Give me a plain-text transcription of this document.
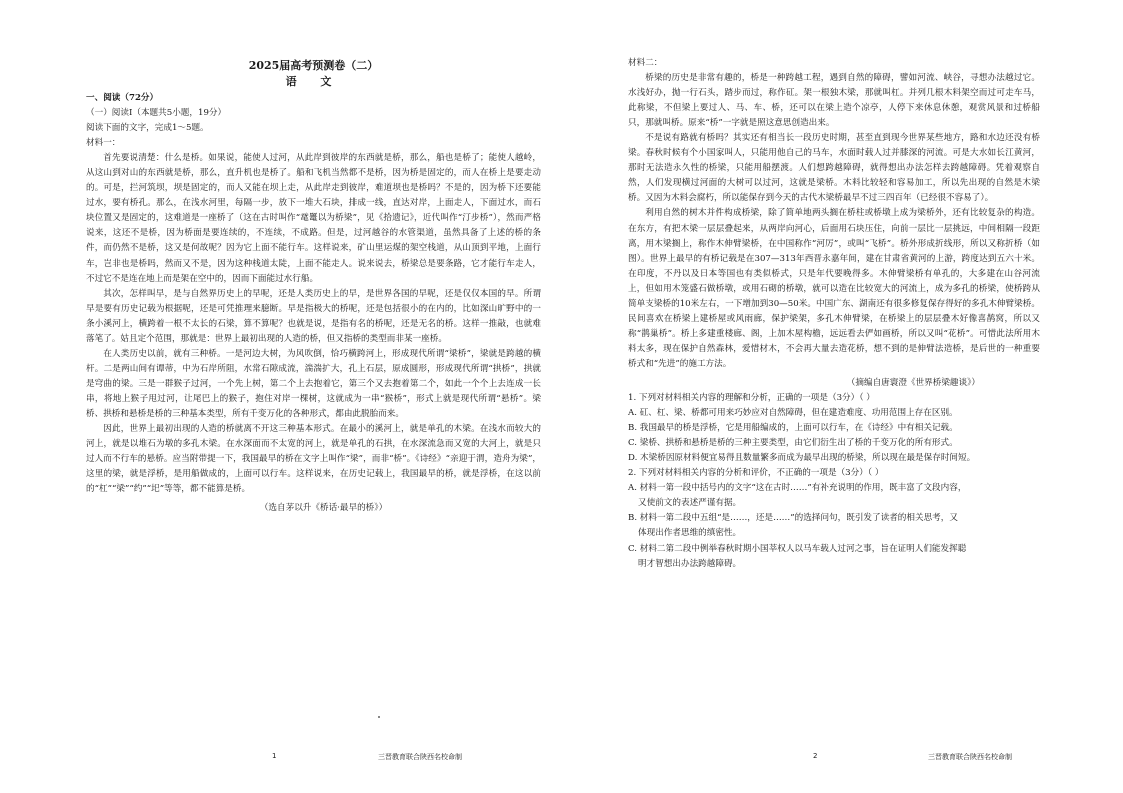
2025届高考预测卷（二）

语 文

一、阅读（72分）

（一）阅读Ⅰ（本题共5小题，19分）

阅读下面的文字，完成1～5题。

材料一：

首先要说清楚：什么是桥。如果说，能使人过河，从此岸到彼岸的东西就是桥，那么，船也是桥了；能使人越岭，从这山到对山的东西就是桥，那么，直升机也是桥了。船和飞机当然都不是桥，因为桥是固定的，而人在桥上是要走动的。可是，拦河筑坝，坝是固定的，而人又能在坝上走，从此岸走到彼岸，难道坝也是桥吗？不是的，因为桥下还要能过水，要有桥孔。那么，在浅水河里，每隔一步，放下一堆大石块，排成一线，直达对岸，上面走人，下面过水，而石块位置又是固定的，这难道是一座桥了（这在古时叫作“鼋鼍以为桥梁”，见《拾遗记》，近代叫作“汀步桥”），然而严格说来，这还不是桥，因为桥面是要连续的，不连续，不成路。但是，过河越谷的水管渠道，虽然具备了上述的桥的条件，而仍然不是桥，这又是何故呢？因为它上面不能行车。这样说来，矿山里运煤的架空栈道，从山顶到平地，上面行车，岂非也是桥吗，然而又不是，因为这种栈道太陡，上面不能走人。说来说去，桥梁总是要条路，它才能行车走人，不过它不是连在地上而是架在空中的，因而下面能过水行船。

其次，怎样叫早，是与自然界历史上的早呢，还是人类历史上的早，是世界各国的早呢，还是仅仅本国的早。所谓早是要有历史记载为根据呢，还是可凭推理来臆断。早是指极大的桥呢，还是包括很小的在内的，比如深山旷野中的一条小溪河上，横跨着一根不太长的石梁，算不算呢？也就是说，是指有名的桥呢，还是无名的桥。这样一推敲，也就难落笔了。姑且定个范围，那就是：世界上最初出现的人造的桥，但又指桥的类型而非某一座桥。

在人类历史以前，就有三种桥。一是河边大树，为风吹倒，恰巧横跨河上，形成现代所谓“梁桥”，梁就是跨越的横杆。二是两山间有谭蒂，中为石岸所阻，水常石隙成流，湍湍扩大，孔上石层，原成圆形，形成现代所谓“拱桥”，拱就是穹曲的梁。三是一群猴子过河，一个先上树，第二个上去抱着它，第三个又去抱着第二个，如此一个个上去连成一长串，将地上猴子甩过河，让尾巴上的猴子，抱住对岸一棵树，这就成为一串“猴桥”，形式上就是现代所谓“悬桥”。梁桥、拱桥和悬桥是桥的三种基本类型，所有千变万化的各种形式，都由此脱胎而来。

因此，世界上最初出现的人造的桥就离不开这三种基本形式。在最小的溪河上，就是单孔的木梁。在浅水而较大的河上，就是以堆石为墩的多孔木梁。在水深面而不太宽的河上，就是单孔的石拱，在水深流急而又宽的大河上，就是只过人而不行车的悬桥。应当附带提一下，我国最早的桥在文字上叫作“梁”，而非“桥”。《诗经》“亲迎于渭，造舟为梁”，这里的梁，就是浮桥，是用船做成的，上面可以行车。这样说来，在历史记载上，我国最早的桥，就是浮桥，在这以前的“杠”“梁”“约”“圯”等等，都不能算是桥。

（选自茅以升《桥话·最早的桥》）

材料二：

桥梁的历史是非常有趣的，桥是一种跨越工程，遇到自然的障碍，譬如河流、峡谷，寻想办法越过它。水浅好办，抛一行石头，踏步而过，称作矼。架一根独木梁，那就叫杠。并列几根木料架空而过可走车马，此称梁，不但梁上要过人、马、车、桥，还可以在梁上造个凉亭，人停下来休息休憩，观赏风景和过桥船只，那就叫桥。原来“桥”一字就是照这意思创造出来。

不是说有路就有桥吗？其实还有相当长一段历史时期，甚至直到现今世界某些地方，路和水边还没有桥梁。春秋时候有个小国家叫人，只能用他自己的马车，水面时载人过并膝深的河流。可是大水如长江黄河，那时无法造永久性的桥梁，只能用船摆渡。人们想跨越障碍，就得想出办法怎样去跨越障碍。凭着观察自然，人们发现横过河面的大树可以过河，这就是梁桥。木料比较轻和容易加工，所以先出现的自然是木梁桥。又因为木料会腐朽，所以能保存到今天的古代木梁桥最早不过三四百年（已经很不容易了）。

利用自然的树木并件构成桥梁，除了简单地两头搁在桥柱或桥墩上成为梁桥外，还有比较复杂的构造。在东方，有把木梁一层层叠起来，从两岸向河心，后面用石块压住，向前一层比一层挑远，中间相隔一段距离，用木梁搁上，称作木伸臂梁桥，在中国称作“河厉”，或叫“飞桥”。桥外形成折线形，所以又称折桥（如图）。世界上最早的有桥记载是在307—313年西晋永嘉年间，建在甘肃省黄河的上游，跨度达到五六十米。在印度，不丹以及日本等国也有类似桥式，只是年代要晚得多。木伸臂梁桥有单孔的，大多建在山谷河流上，但如用木笼盛石做桥墩，或用石砌的桥墩，就可以造在比较宽大的河流上，成为多孔的桥梁，使桥跨从简单支梁桥的10米左右，一下增加到30—50米。中国广东、湖南还有很多修复保存得好的多孔木伸臂梁桥。民间喜欢在桥梁上建桥屋或风雨廊，保护梁架，多孔木伸臂梁，在桥梁上的层层叠木好像喜鹊窝，所以又称“鹊巢桥”。桥上多建重楼廊、阁，上加木屋构檐，远远看去俨如画桥，所以又叫“花桥”。可惜此法所用木料太多，现在保护自然森林，爱惜材木，不会再大量去造花桥，想不到的是伸臂法造桥，是后世的一种重要桥式和“先进”的施工方法。

（摘编自唐寰澄《世界桥梁趣谈》）

1. 下列对材料相关内容的理解和分析，正确的一项是（3分）（ ）

A. 矼、杠、梁、桥都可用来巧妙应对自然障碍，但在建造难度、功用范围上存在区别。

B. 我国最早的桥是浮桥，它是用船编成的，上面可以行车，在《诗经》中有相关记载。

C. 梁桥、拱桥和悬桥是桥的三种主要类型，由它们衍生出了桥的千变万化的所有形式。

D. 木梁桥因原材料便宜易得且数量繁多而成为最早出现的桥梁，所以现在最是保存时间短。

2. 下列对材料相关内容的分析和评价，不正确的一项是（3分）（ ）

A. 材料一第一段中括号内的文字“这在古时……”有补充说明的作用，既丰富了文段内容，

又使前文的表述严谨有据。

B. 材料一第二段中五组“是……，还是……”的选择问句，既引发了读者的相关思考，又

体现出作者思维的缜密性。

C. 材料二第二段中例举春秋时期小国莘权人以马车载人过河之事，旨在证明人们能发挥聪

明才智想出办法跨越障碍。

1	三晋教育联合陕西名校命制	2	三晋教育联合陕西名校命制
